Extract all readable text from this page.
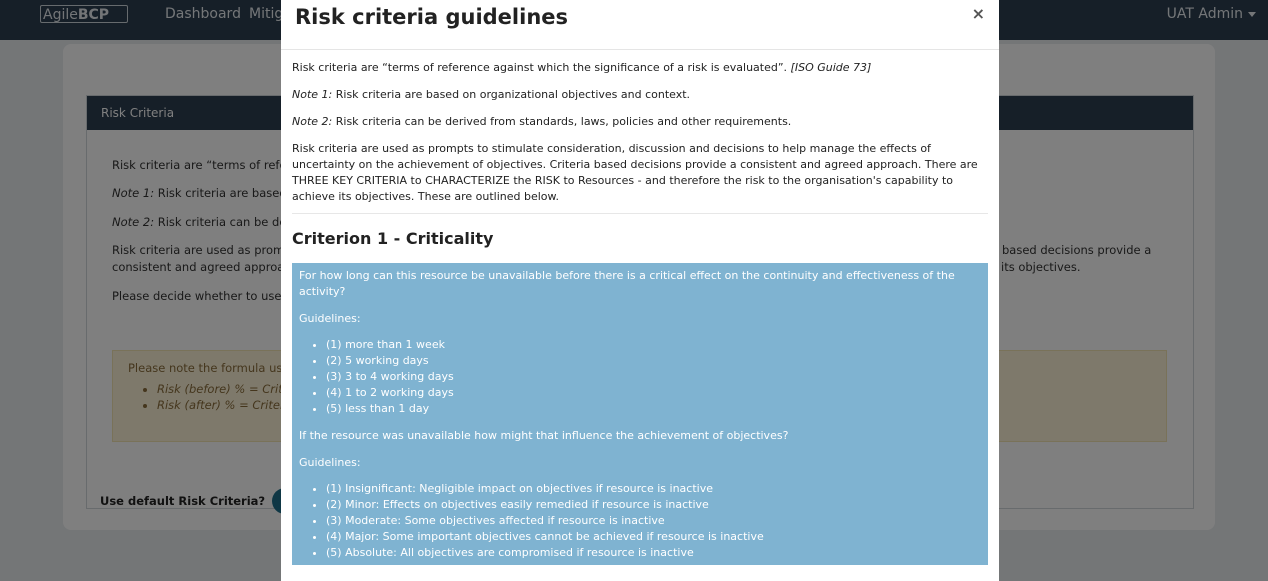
•
•
Risk criteria guidelines	×

Risk criteria are “terms of reference against which the significance of a risk is evaluated”. [ISO Guide 73]

Note 1: Risk criteria are based on organizational objectives and context.

Note 2: Risk criteria can be derived from standards, laws, policies and other requirements.

Risk criteria are used as prompts to stimulate consideration, discussion and decisions to help manage the effects of uncertainty on the achievement of objectives. Criteria based decisions provide a consistent and agreed approach. There are THREE KEY CRITERIA to CHARACTERIZE the RISK to Resources - and therefore the risk to the organisation's capability to achieve its objectives. These are outlined below.

Criterion 1 - Criticality

For how long can this resource be unavailable before there is a critical effect on the continuity and effectiveness of the activity?

Guidelines:

• (1) more than 1 week
• (2) 5 working days
• (3) 3 to 4 working days
• (4) 1 to 2 working days
• (5) less than 1 day

If the resource was unavailable how might that influence the achievement of objectives?

Guidelines:

• (1) Insignificant: Negligible impact on objectives if resource is inactive
• (2) Minor: Effects on objectives easily remedied if resource is inactive
• (3) Moderate: Some objectives affected if resource is inactive
• (4) Major: Some important objectives cannot be achieved if resource is inactive
• (5) Absolute: All objectives are compromised if resource is inactive
